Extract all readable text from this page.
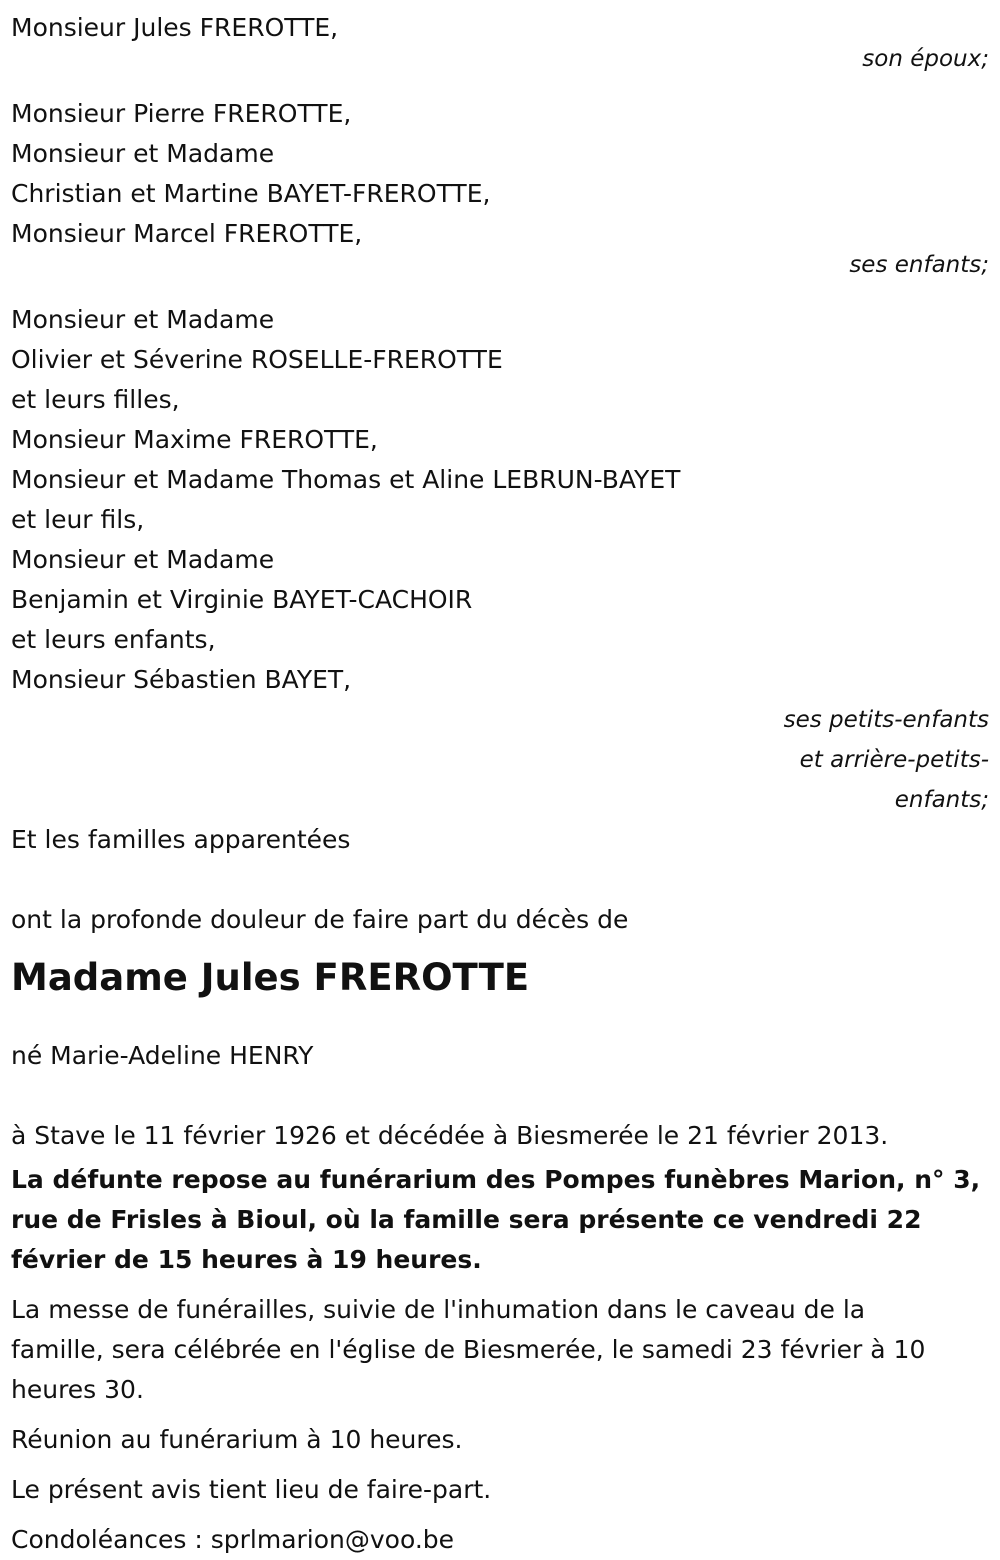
Monsieur Jules FREROTTE,
son époux;
Monsieur Pierre FREROTTE,
Monsieur et Madame
Christian et Martine BAYET-FREROTTE,
Monsieur Marcel FREROTTE,
ses enfants;
Monsieur et Madame
Olivier et Séverine ROSELLE-FREROTTE
et leurs filles,
Monsieur Maxime FREROTTE,
Monsieur et Madame Thomas et Aline LEBRUN-BAYET
et leur fils,
Monsieur et Madame
Benjamin et Virginie BAYET-CACHOIR
et leurs enfants,
Monsieur Sébastien BAYET,
ses petits-enfants
et arrière-petits-
enfants;
Et les familles apparentées
ont la profonde douleur de faire part du décès de
Madame Jules FREROTTE
né Marie-Adeline HENRY
à Stave le 11 février 1926 et décédée à Biesmerée le 21 février 2013.
La défunte repose au funérarium des Pompes funèbres Marion, n° 3,
rue de Frisles à Bioul, où la famille sera présente ce vendredi 22
février de 15 heures à 19 heures.
La messe de funérailles, suivie de l'inhumation dans le caveau de la
famille, sera célébrée en l'église de Biesmerée, le samedi 23 février à 10
heures 30.
Réunion au funérarium à 10 heures.
Le présent avis tient lieu de faire-part.
Condoléances : sprlmarion@voo.be
